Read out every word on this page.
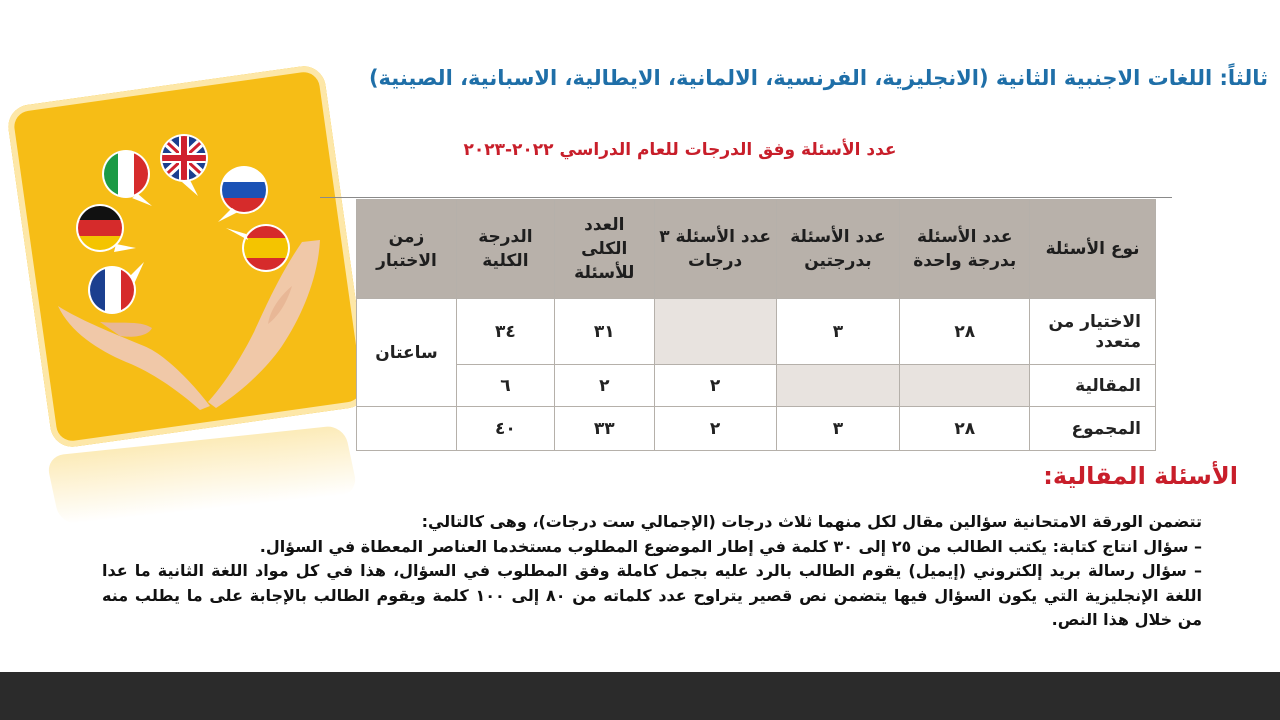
ثالثاً: اللغات الاجنبية الثانية (الانجليزية، الفرنسية، الالمانية، الايطالية، الاسبانية، الصينية)
عدد الأسئلة وفق الدرجات للعام الدراسي ٢٠٢٢-٢٠٢٣
نوع الأسئلة	عدد الأسئلة بدرجة واحدة	عدد الأسئلة بدرجتين	عدد الأسئلة ٣ درجات	العدد الكلى للأسئلة	الدرجة الكلية	زمن الاختبار
الاختيار من متعدد	٢٨	٣		٣١	٣٤	ساعتان
المقالية			٢	٢	٦	
المجموع	٢٨	٣	٢	٣٣	٤٠	
الأسئلة المقالية:

تتضمن الورقة الامتحانية سؤالين مقال لكل منهما ثلاث درجات (الإجمالي ست درجات)، وهى كالتالي:

– سؤال انتاج كتابة: يكتب الطالب من ٢٥ إلى ٣٠ كلمة في إطار الموضوع المطلوب مستخدما العناصر المعطاة في السؤال.

– سؤال رسالة بريد إلكتروني (إيميل) يقوم الطالب بالرد عليه بجمل كاملة وفق المطلوب في السؤال، هذا في كل مواد اللغة الثانية ما عدا اللغة الإنجليزية التي يكون السؤال فيها يتضمن نص قصير يتراوح عدد كلماته من ٨٠ إلى ١٠٠ كلمة ويقوم الطالب بالإجابة على ما يطلب منه من خلال هذا النص.
